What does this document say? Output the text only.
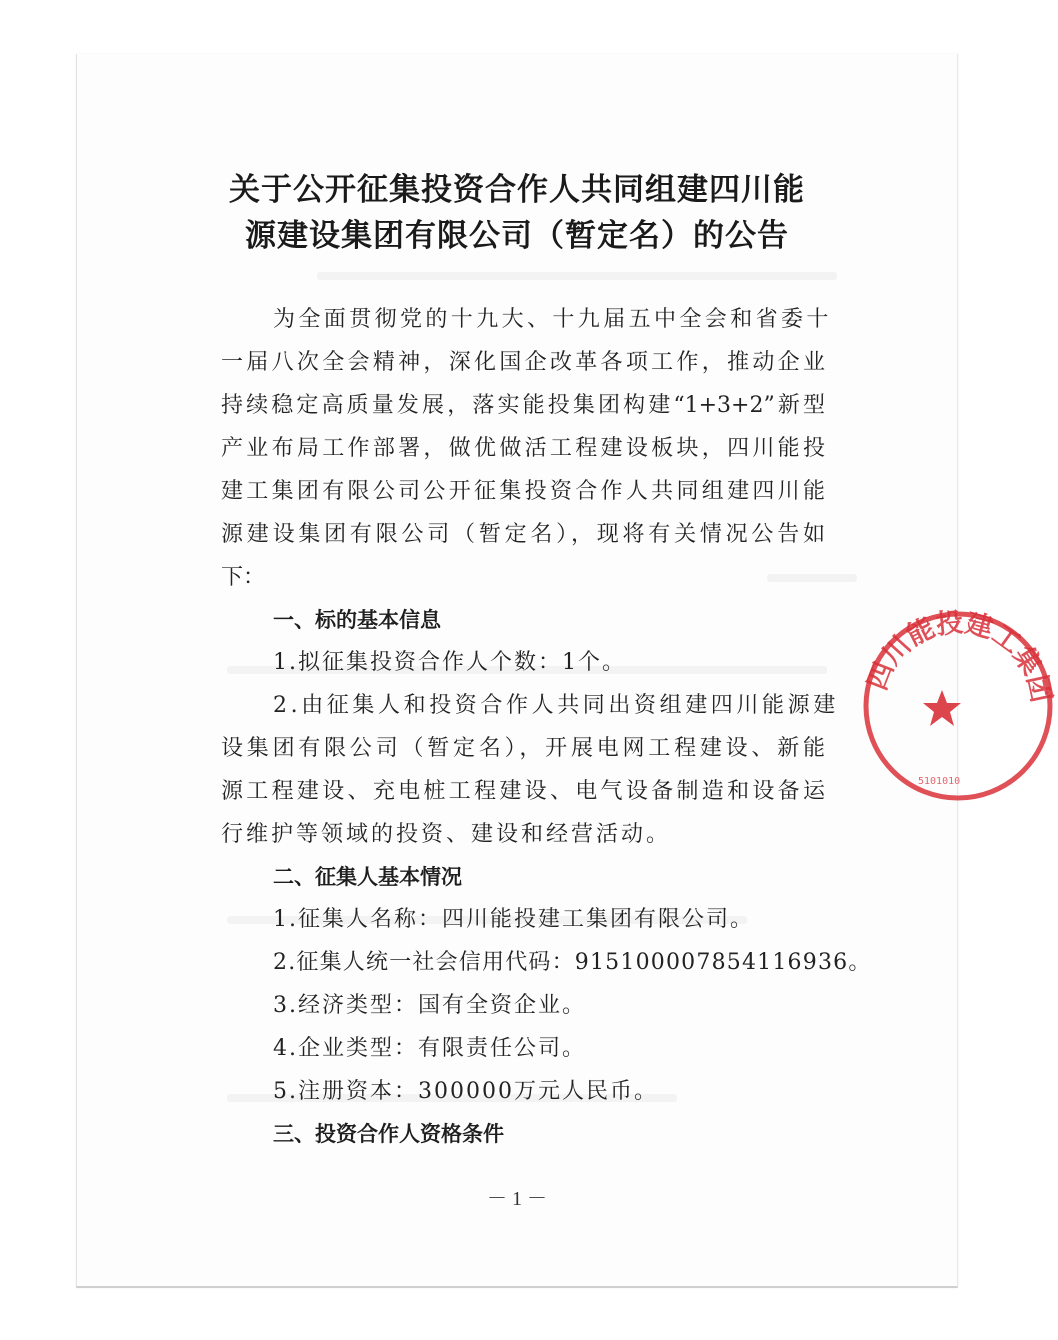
关于公开征集投资合作人共同组建四川能
源建设集团有限公司（暂定名）的公告
为全面贯彻党的十九大、十九届五中全会和省委十
一届八次全会精神，深化国企改革各项工作，推动企业
持续稳定高质量发展，落实能投集团构建“1+3+2”新型
产业布局工作部署，做优做活工程建设板块，四川能投
建工集团有限公司公开征集投资合作人共同组建四川能
源建设集团有限公司（暂定名），现将有关情况公告如
下：
一、标的基本信息
1.拟征集投资合作人个数：1个。
2.由征集人和投资合作人共同出资组建四川能源建
设集团有限公司（暂定名），开展电网工程建设、新能
源工程建设、充电桩工程建设、电气设备制造和设备运
行维护等领域的投资、建设和经营活动。
二、征集人基本情况
1.征集人名称：四川能投建工集团有限公司。
2.征集人统一社会信用代码：915100007854116936。
3.经济类型：国有全资企业。
4.企业类型：有限责任公司。
5.注册资本：300000万元人民币。
三、投资合作人资格条件
－ 1 －
四川能投建工集团
5101010
